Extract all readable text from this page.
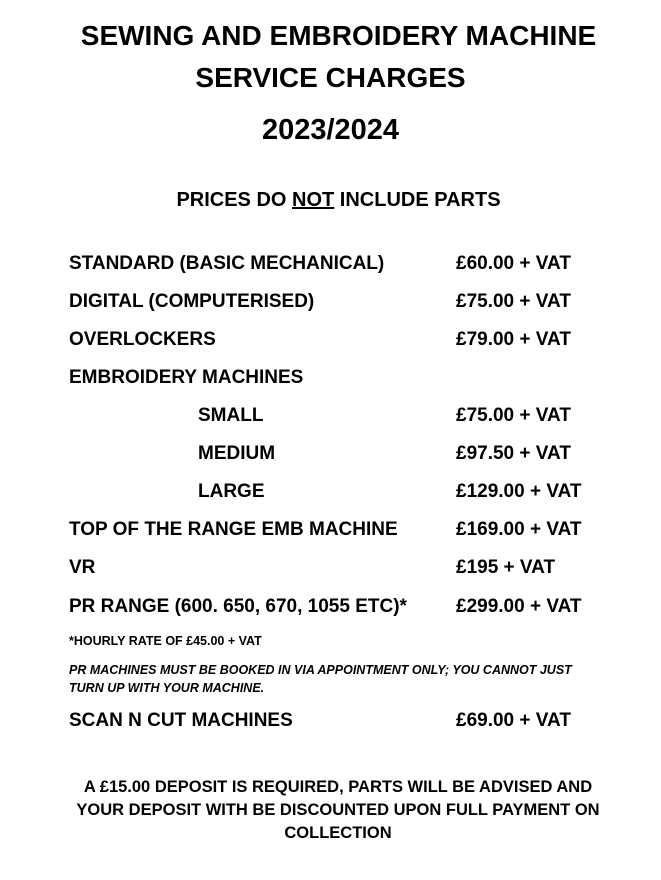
SEWING AND EMBROIDERY MACHINE
SERVICE CHARGES
2023/2024
PRICES DO NOT INCLUDE PARTS
STANDARD (BASIC MECHANICAL)	£60.00 + VAT
DIGITAL (COMPUTERISED)	£75.00 + VAT
OVERLOCKERS	£79.00 + VAT
EMBROIDERY MACHINES
SMALL	£75.00 + VAT
MEDIUM	£97.50 + VAT
LARGE	£129.00 + VAT
TOP OF THE RANGE EMB MACHINE	£169.00 + VAT
VR	£195 + VAT
PR RANGE (600. 650, 670, 1055 ETC)*	£299.00 + VAT
*HOURLY RATE OF £45.00 + VAT
PR MACHINES MUST BE BOOKED IN VIA APPOINTMENT ONLY; YOU CANNOT JUST TURN UP WITH YOUR MACHINE.
SCAN N CUT MACHINES	£69.00 + VAT
A £15.00 DEPOSIT IS REQUIRED, PARTS WILL BE ADVISED AND YOUR DEPOSIT WITH BE DISCOUNTED UPON FULL PAYMENT ON COLLECTION
